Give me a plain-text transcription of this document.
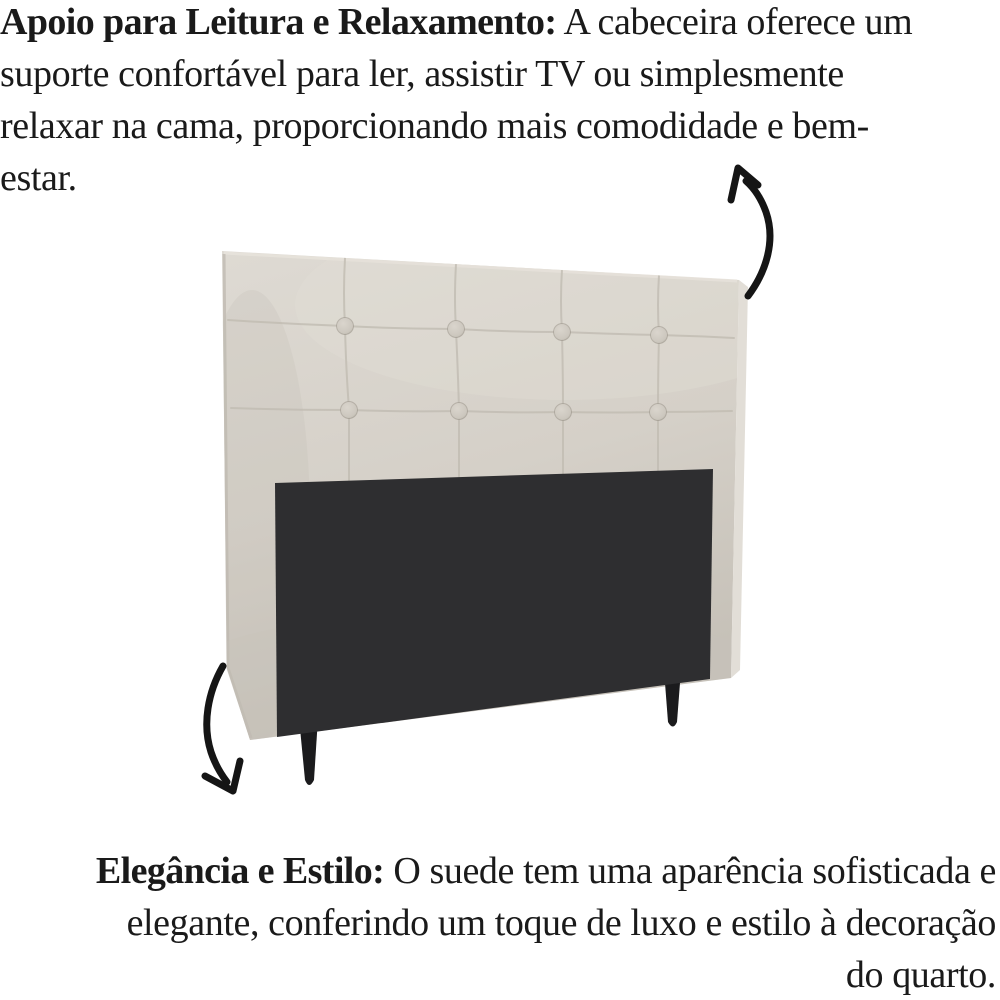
Apoio para Leitura e Relaxamento: A cabeceira oferece um
suporte confortável para ler, assistir TV ou simplesmente
relaxar na cama, proporcionando mais comodidade e bem-
estar.

Elegância e Estilo: O suede tem uma aparência sofisticada e
elegante, conferindo um toque de luxo e estilo à decoração
do quarto.
